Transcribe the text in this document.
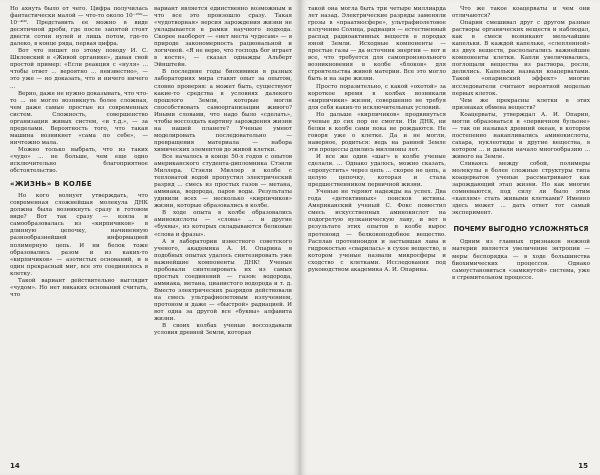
Но ахнуть было от чего. Цифра получилась фантастически малой — что-то около 10⁻²⁵⁰—10⁻⁴⁰⁰. Представить ее можно в виде десятичной дроби, где после запятой стоят двести сотни нулей и лишь потом, где-то далеко, в конце ряда, первая цифра.

Вот что пишет по этому поводу И. С. Шкловский в «Живой органике», давая свой простой пример: «Если реакция с «нуля» ... чтобы ответ ... вероятно ... неизвестно», — это уже — но доказать, что и ничего ничего ...

Верно, даже не нужно доказывать, что что-то ... не могло возникнуть более сложная, чем даже самые простые из современных систем. Сложность, совершенство организации живых систем, «и т.д.», — за пределами. Вероятность того, что такая машина возникнет «сама по себе», — ничтожно мала.

Можно только выбрать, что из таких «чудо» ... не больше, чем еще одно исключительно благоприятное обстоятельство.

«ЖИЗНЬ» В КОЛБЕ

Но кого волнует утверждать, что современная сложнейшая молекула ДНК должна была возникнуть сразу в готовом виде? Вот так сразу — взяла и самообразовалась из «кирпичиков» в длинную цепочку, начиненную разнообразнейшей информацией полимерную цепь. И ни белок тоже образовались разом и из каких-то «кирпичиков» — азотистых оснований, и в один прекрасный миг, все это соединилось в клетку.

Такой вариант действительно выглядит «чудом». Но нет никаких оснований считать, что

вариант является единственно возможным и что все это произошло сразу. Такая «чудотворная» версия зарождения жизни не укладывается в рамки научного подхода. Скорее наоборот — «нет места чудесам» — в природе закономерность рациональной и логичной. «Я не верю, что господь бог играет в кости», — сказал однажды Альберт Эйнштейн.

В последние годы биохимики в разных лабораториях мира ставят опыт за опытом, словно проверяя: а может быть, существуют какие-то средства в условиях далекого прошлого Земли, которые могли способствовать самоорганизации живого? Иными словами, что надо было «сделать», чтобы воссоздать картину зарождения жизни на нашей планете? Ученые умеют моделировать последовательно — превращения материала — набора химических элементов до живой клетки.

Все началось в конце 50-х годов с опытов американского студента-дипломника Стэнли Миллера. Стэнли Миллер в колбе с тепловатой водой пропустил электрический разряд ... смесь из простых газов — метана, аммиака, водорода, паров воды. Результаты удивили всех — несколько «кирпичиков» жизни, которые образовались в колбе.

В ходе опыта в колбе образовались аминокислоты — «слова» ... и другие «буквы», из которых складываются белковые «слова и фразы».

А в лаборатории известного советского ученого, академика А. И. Опарина в подобных опытах удалось синтезировать уже важнейшие компоненты ДНК! Ученые пробовали синтезировать их из самых простых соединений — газов: водорода, аммиака, метана, цианистого водорода и т. д. Вместо электрических разрядов действовали на смесь ультрафиолетовым излучением, протоном и даже — «быстрой» радиацией. И вот одна за другой все «буквы» алфавита жизни.

В своих колбах ученые воссоздавали условия древней Земли, которая

14

такой она могла быть три четыре миллиарда лет назад. Электрические разряды заменяли грозы в «праатмосфере», ультрафиолетовое излучение Солнца, радиация — естественный распад радиоактивных веществ в породах юной Земли. Исходные компоненты — простые газы — да источник энергии — вот и все, что требуется для самопроизвольного возникновения в колбе «блоков» для строительства живой материи. Все это могло быть и на заре жизни.

Просто поразительно, с какой «охотой» за короткое время в колбах возникали «кирпичики» жизни, совершенно не требуя для себя каких-то исключительных условий.

Но дальше «кирпичиков» продвинуться ученые до сих пор не смогли. Ни ДНК, ни белки в колбе сами пока не рождаются. Не говоря уже о клетке. Да и не могли, наверное, родиться: ведь на ранней Земле эти процессы длились миллионы лет.

И все же один «шаг» в колбе ученые сделали. ... Однако удалось, можно сказать, «пропустить» через цепь ... скорее не цепь, а целую цепочку, которая и стала предшественником первичной жизни.

Ученые не теряют надежды на успех. Два года «детективных» поисков истины. Американский ученый С. Фокс поместил смесь искусственных аминокислот на подогретую вулканическую лаву, и вот в результате этих опытов в колбе вырос протеноид — белковоподобное вещество. Расплав протеиноидов и застывшая лава и гидрокостью «сварилась» в сухое вещество, в котором ученые назвали микросферы и сходство с клетками. Исследования под руководством академика А. И. Опарина.

Что же такое коацерваты и чем они отличаются?

Опарин смешивал друг с другом разные растворы органических веществ и наблюдал, как в смеси возникают мельчайшие капельки. В каждой капельке, «слепленной» из двух веществ, располагались важнейшие компоненты клетки. Капли увеличивались, поглощали вещества из раствора, росли, делились. Капельки назвали коацерватами. Такой «опаринский эффект» многие исследователи считают вероятной моделью первых клеток.

Чем же прекрасны клетки в этих признаках обмена веществ?

Коацерваты, утверждал А. И. Опарин, могли образоваться в «первичном бульоне» — так он называл древний океан, в котором постепенно накапливались аминокислоты, сахара, нуклеотиды и другие вещества, в котором ... и давали начало многообразию ... живого на Земле.

Сливаясь между собой, полимеры молекулы в более сложные структуры типа коацерватов ученые рассматривают как зарождающий этап жизни. Но как многие сомневаются, под силу ли было этим «каплям» стать живыми клетками? Именно здесь может ... дать ответ тот самый эксперимент.

ПОЧЕМУ ВЫГОДНО УСЛОЖНЯТЬСЯ

Одним из главных признаков нежной материи является увеличение энтропии — меры беспорядка — в ходе большинства биохимических процессов. Однако самоустановиться «замкнутой» система, уже в стремительном процессе.

15
